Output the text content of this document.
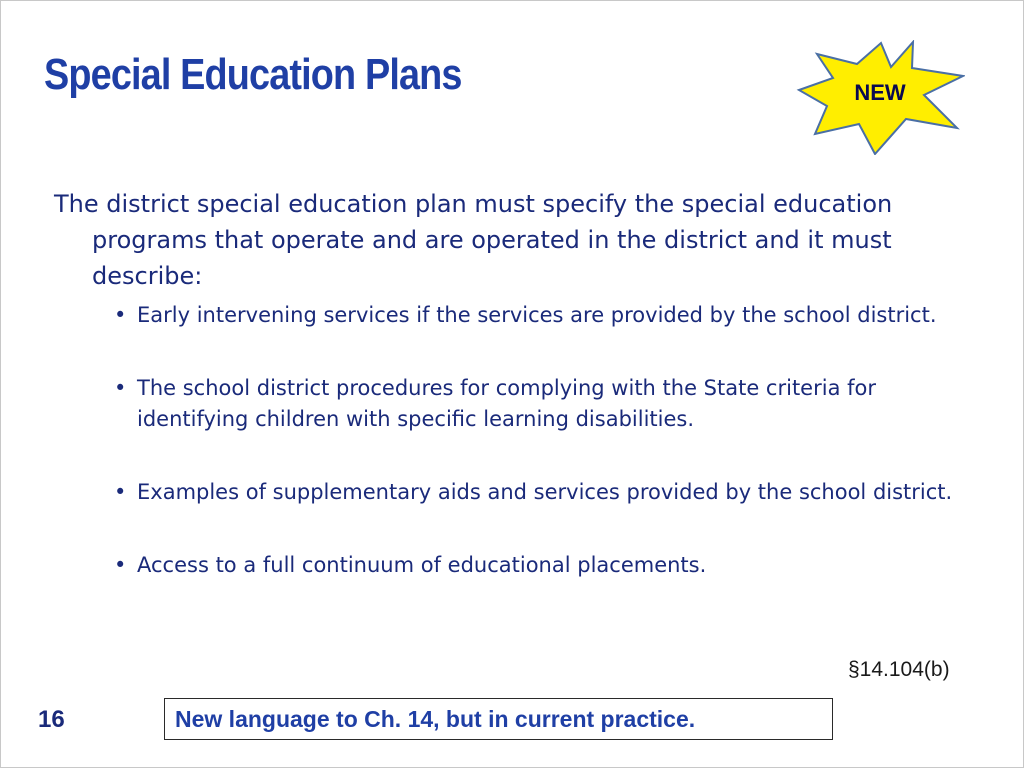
Special Education Plans	NEW

The district special education plan must specify the special education programs that operate and are operated in the district and it must describe:

• Early intervening services if the services are provided by the school district.
• The school district procedures for complying with the State criteria for identifying children with specific learning disabilities.
• Examples of supplementary aids and services provided by the school district.
• Access to a full continuum of educational placements.
§14.104(b)
16	New language to Ch. 14, but in current practice.
